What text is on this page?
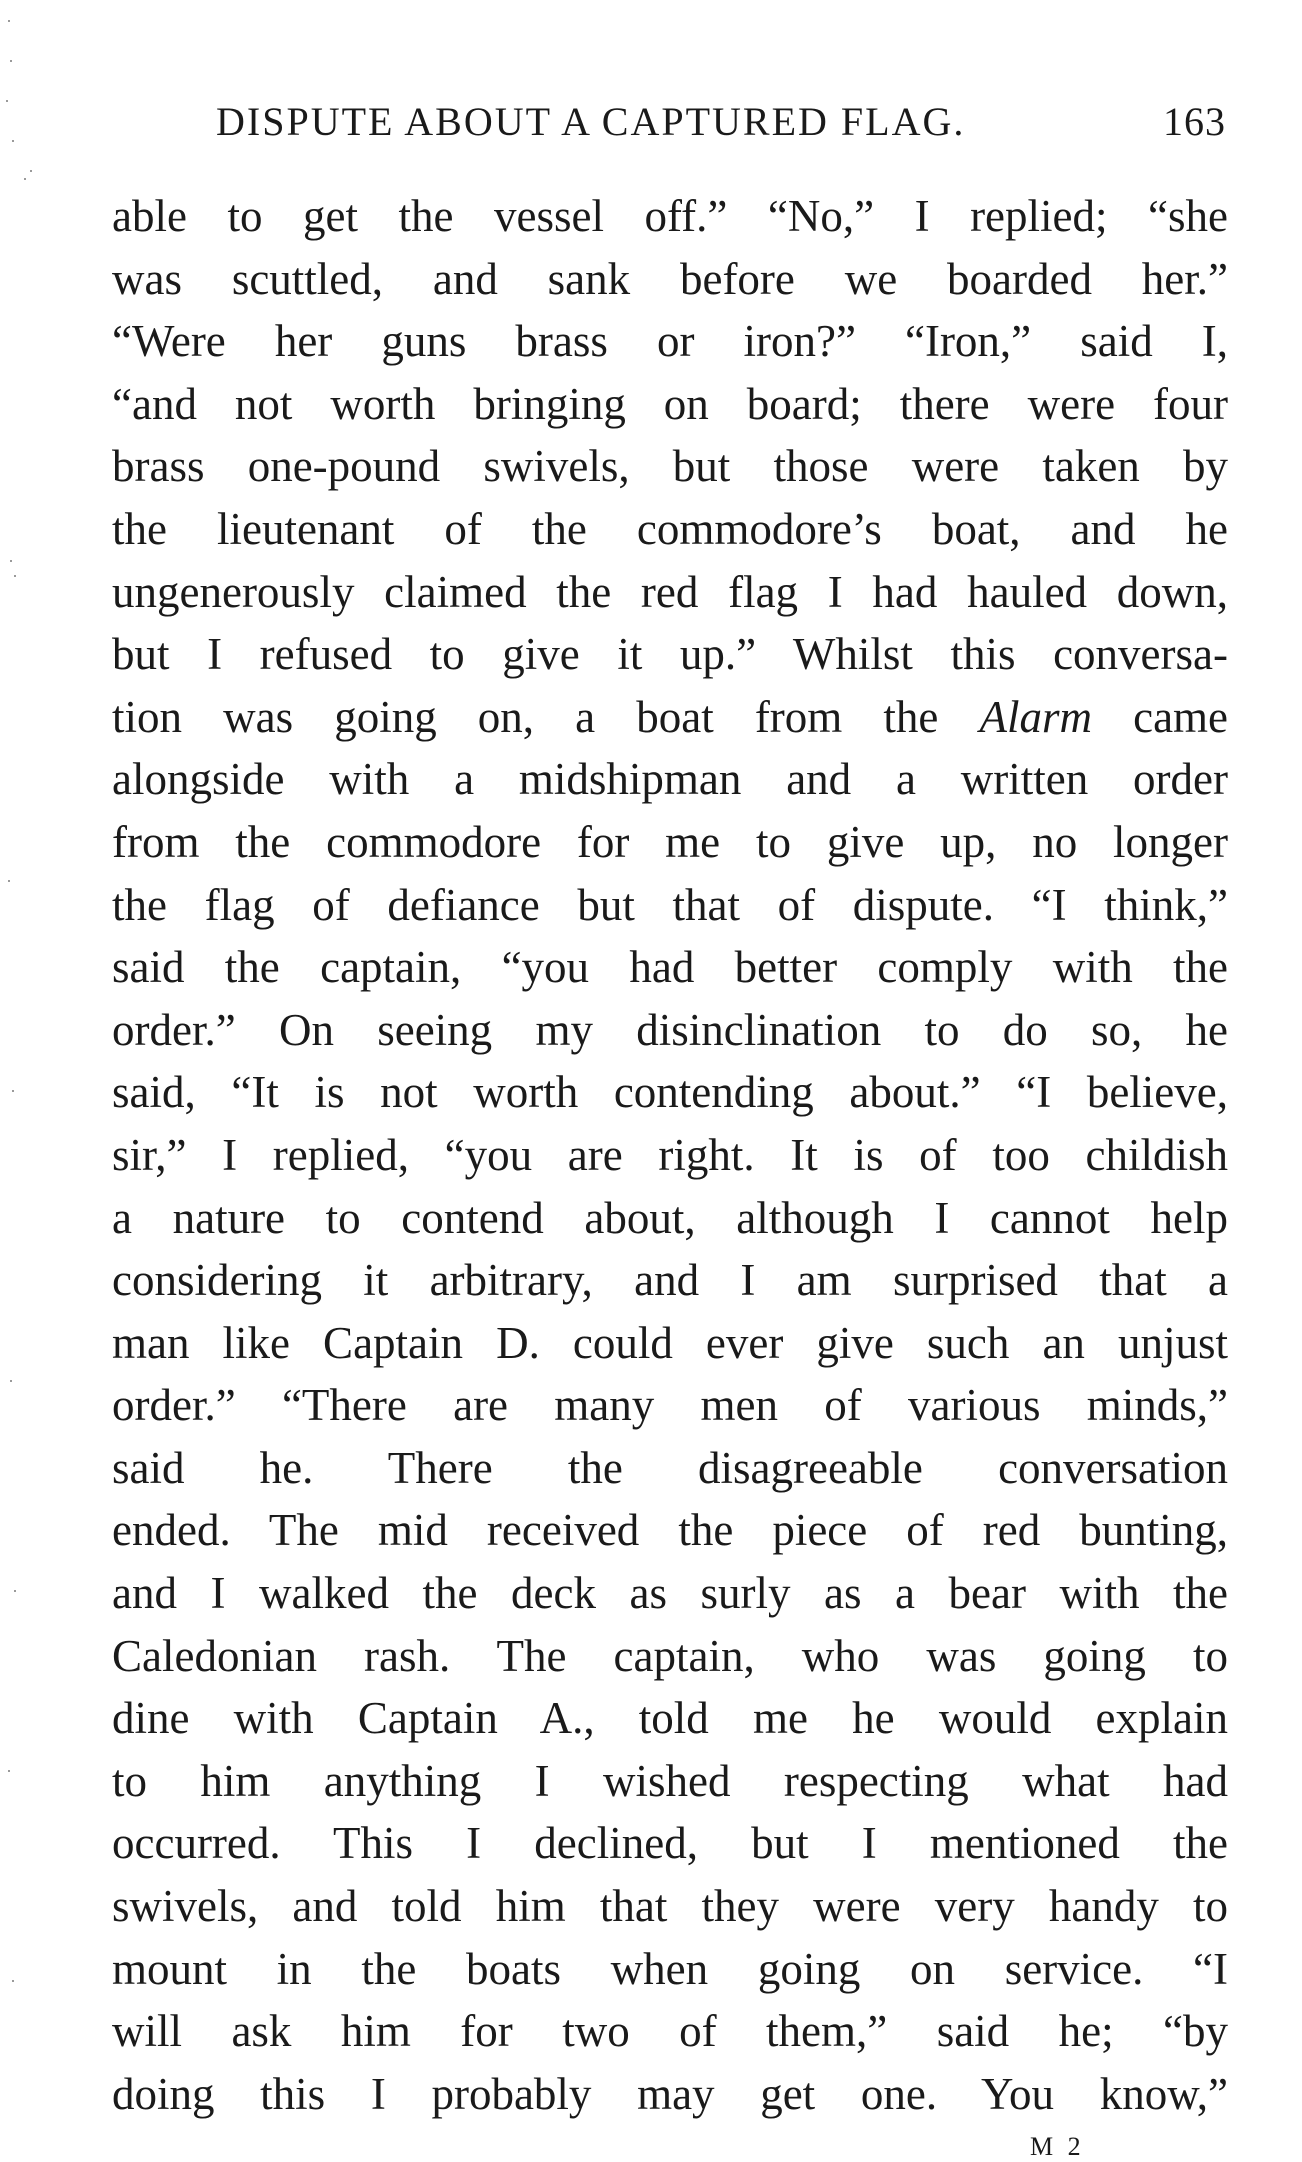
DISPUTE ABOUT A CAPTURED FLAG.	163
able to get the vessel off.” “No,” I replied; “she
was scuttled, and sank before we boarded her.”
“Were her guns brass or iron?” “Iron,” said I,
“and not worth bringing on board; there were four
brass one-pound swivels, but those were taken by
the lieutenant of the commodore’s boat, and he
ungenerously claimed the red flag I had hauled down,
but I refused to give it up.” Whilst this conversa-
tion was going on, a boat from the Alarm came
alongside with a midshipman and a written order
from the commodore for me to give up, no longer
the flag of defiance but that of dispute. “I think,”
said the captain, “you had better comply with the
order.” On seeing my disinclination to do so, he
said, “It is not worth contending about.” “I believe,
sir,” I replied, “you are right. It is of too childish
a nature to contend about, although I cannot help
considering it arbitrary, and I am surprised that a
man like Captain D. could ever give such an unjust
order.” “There are many men of various minds,”
said he. There the disagreeable conversation
ended. The mid received the piece of red bunting,
and I walked the deck as surly as a bear with the
Caledonian rash. The captain, who was going to
dine with Captain A., told me he would explain
to him anything I wished respecting what had
occurred. This I declined, but I mentioned the
swivels, and told him that they were very handy to
mount in the boats when going on service. “I
will ask him for two of them,” said he; “by
doing this I probably may get one. You know,”
M 2
